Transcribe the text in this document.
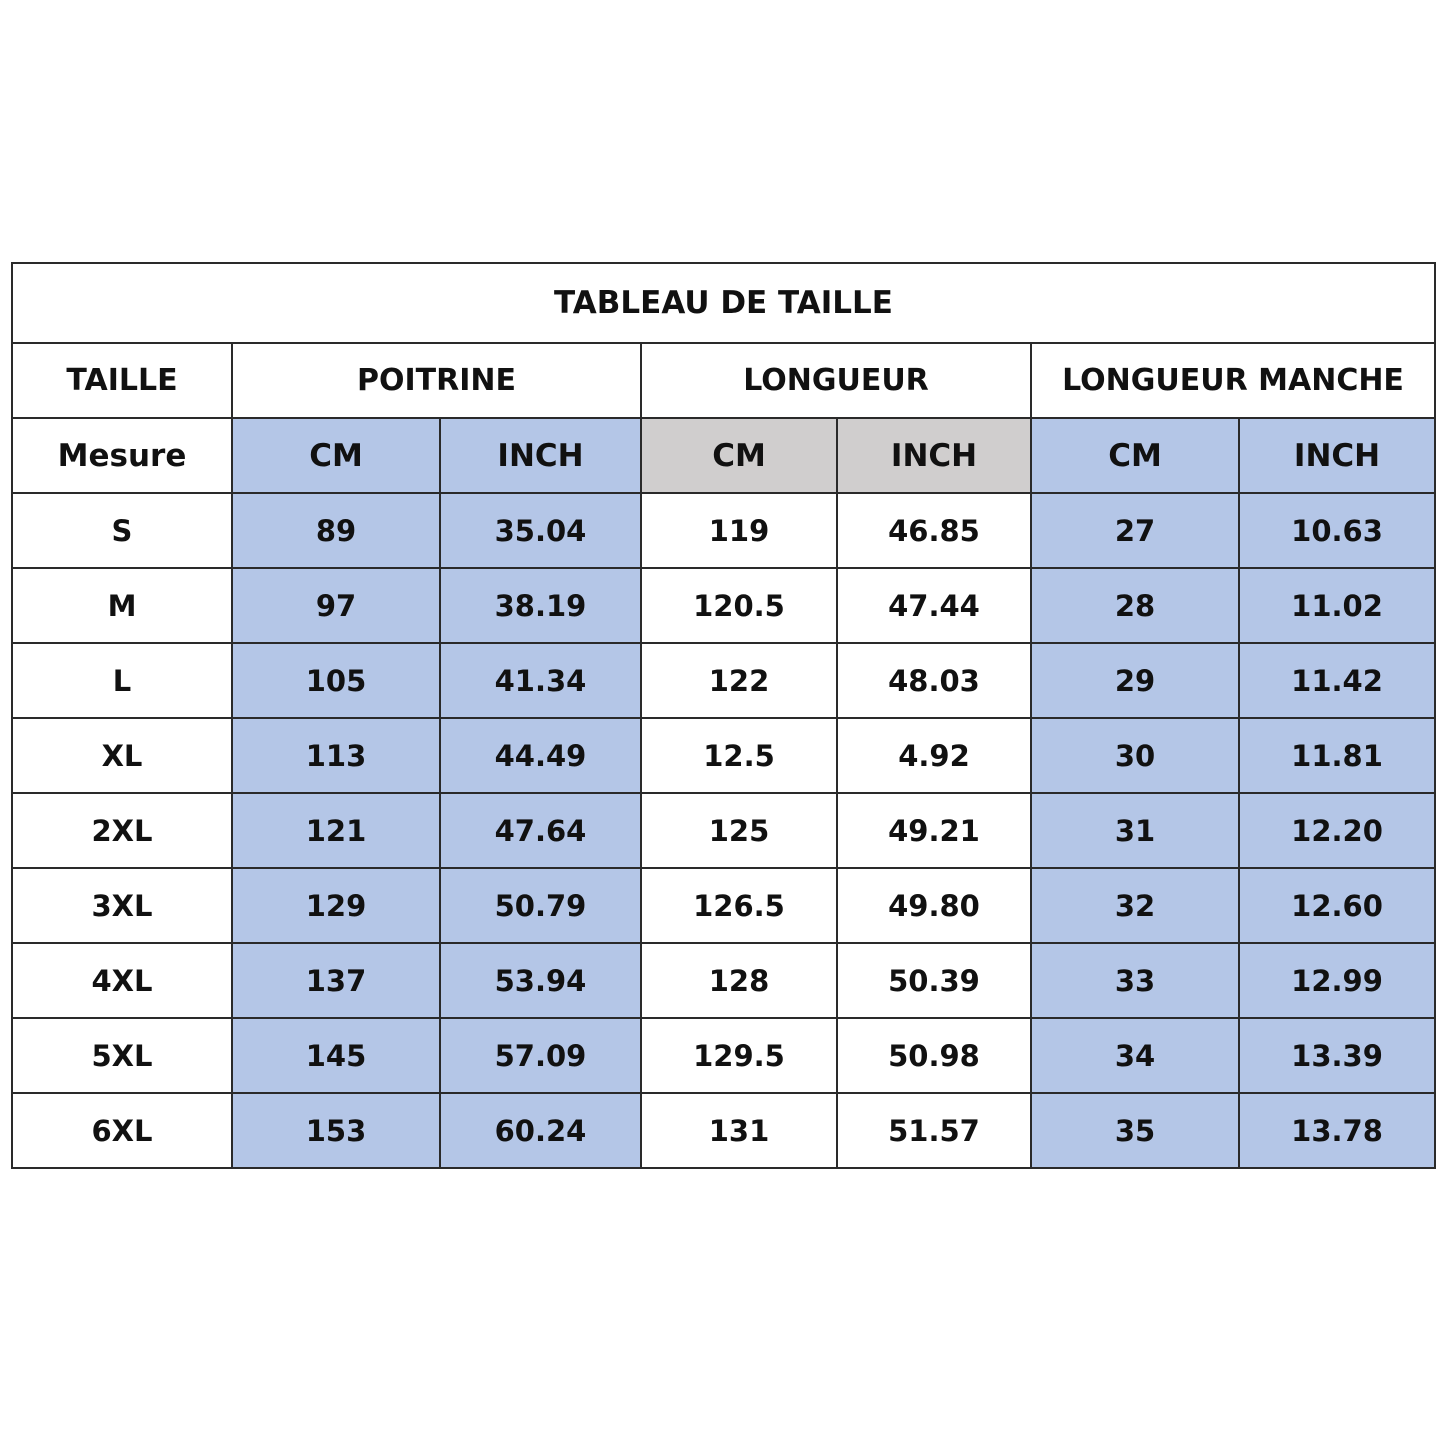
TABLEAU DE TAILLE						
TAILLE	POITRINE		LONGUEUR		LONGUEUR MANCHE	
Mesure	CM	INCH	CM	INCH	CM	INCH
S	89	35.04	119	46.85	27	10.63
M	97	38.19	120.5	47.44	28	11.02
L	105	41.34	122	48.03	29	11.42
XL	113	44.49	12.5	4.92	30	11.81
2XL	121	47.64	125	49.21	31	12.20
3XL	129	50.79	126.5	49.80	32	12.60
4XL	137	53.94	128	50.39	33	12.99
5XL	145	57.09	129.5	50.98	34	13.39
6XL	153	60.24	131	51.57	35	13.78
